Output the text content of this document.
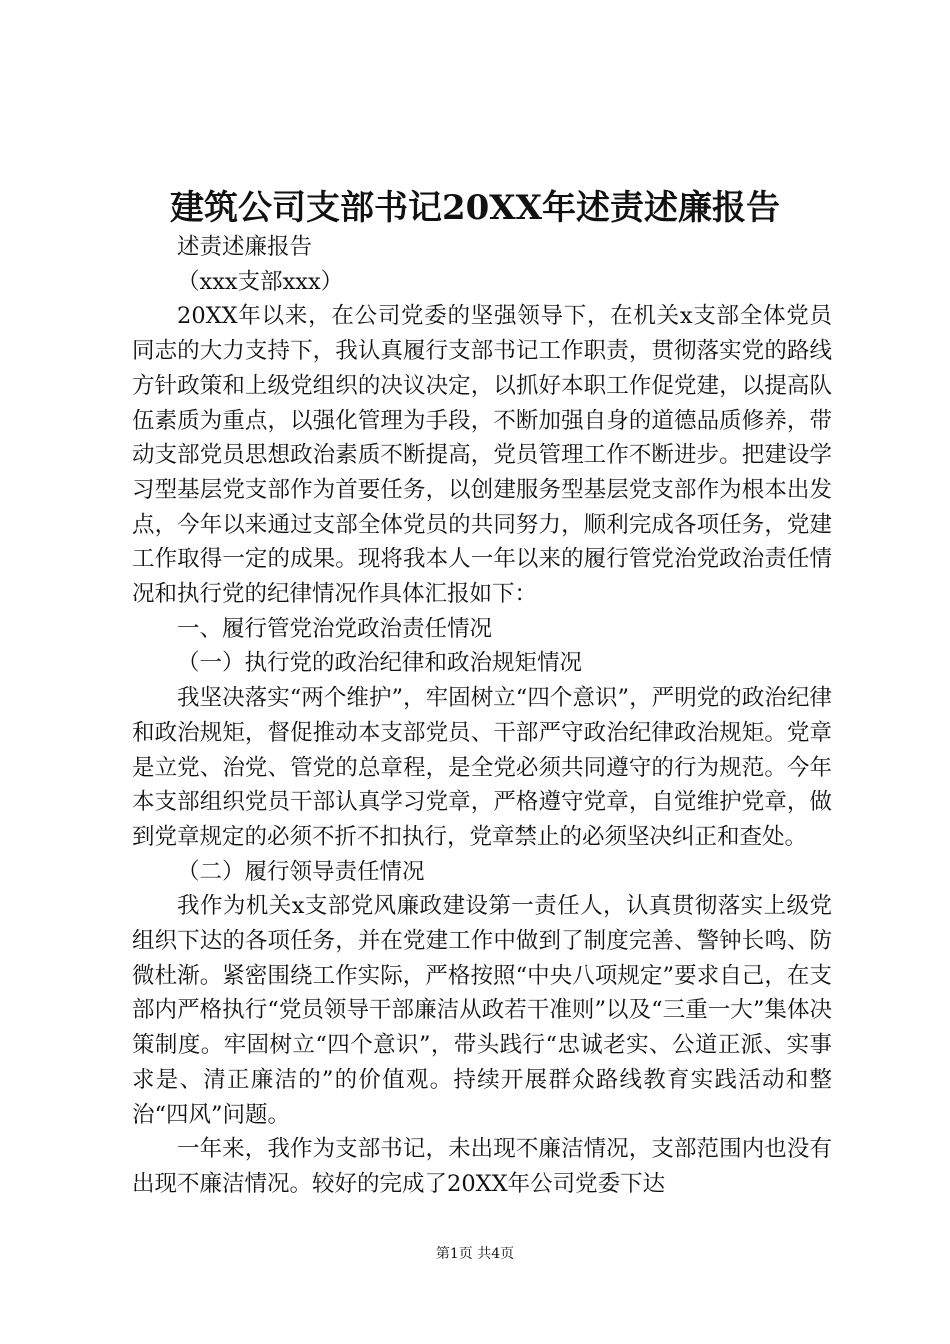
建筑公司支部书记20XX年述责述廉报告

述责述廉报告

（xxx支部xxx）

20XX年以来，在公司党委的坚强领导下，在机关x支部全体党员同志的大力支持下，我认真履行支部书记工作职责，贯彻落实党的路线方针政策和上级党组织的决议决定，以抓好本职工作促党建，以提高队伍素质为重点，以强化管理为手段，不断加强自身的道德品质修养，带动支部党员思想政治素质不断提高，党员管理工作不断进步。把建设学习型基层党支部作为首要任务，以创建服务型基层党支部作为根本出发点，今年以来通过支部全体党员的共同努力，顺利完成各项任务，党建工作取得一定的成果。现将我本人一年以来的履行管党治党政治责任情况和执行党的纪律情况作具体汇报如下：

一、履行管党治党政治责任情况

（一）执行党的政治纪律和政治规矩情况

我坚决落实“两个维护”，牢固树立“四个意识”，严明党的政治纪律和政治规矩，督促推动本支部党员、干部严守政治纪律政治规矩。党章是立党、治党、管党的总章程，是全党必须共同遵守的行为规范。今年本支部组织党员干部认真学习党章，严格遵守党章，自觉维护党章，做到党章规定的必须不折不扣执行，党章禁止的必须坚决纠正和查处。

（二）履行领导责任情况

我作为机关x支部党风廉政建设第一责任人，认真贯彻落实上级党组织下达的各项任务，并在党建工作中做到了制度完善、警钟长鸣、防微杜渐。紧密围绕工作实际，严格按照“中央八项规定”要求自己，在支部内严格执行“党员领导干部廉洁从政若干准则”以及“三重一大”集体决策制度。牢固树立“四个意识”，带头践行“忠诚老实、公道正派、实事求是、清正廉洁的”的价值观。持续开展群众路线教育实践活动和整治“四风”问题。

一年来，我作为支部书记，未出现不廉洁情况，支部范围内也没有出现不廉洁情况。较好的完成了20XX年公司党委下达

第1页 共4页
